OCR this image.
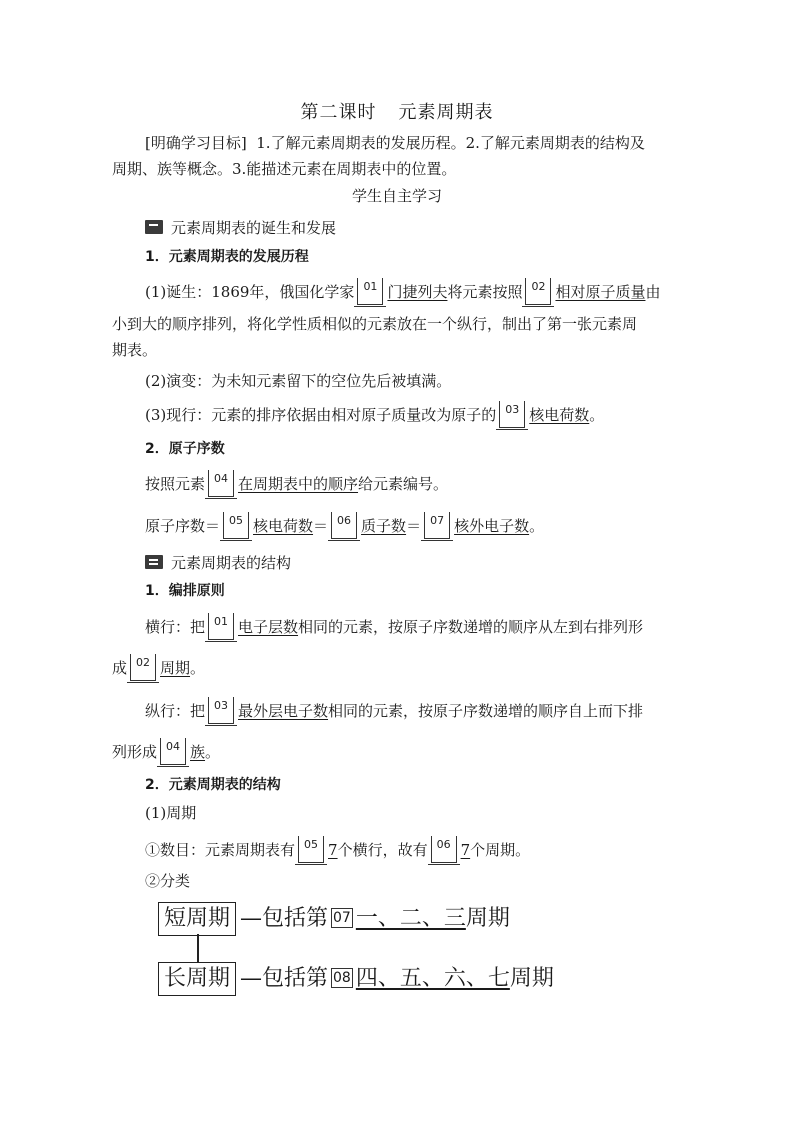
第二课时 元素周期表
[明确学习目标] 1.了解元素周期表的发展历程。2.了解元素周期表的结构及
周期、族等概念。3.能描述元素在周期表中的位置。
学生自主学习
元素周期表的诞生和发展
1．元素周期表的发展历程
(1)诞生：1869年，俄国化学家 01 门捷列夫将元素按照 02 相对原子质量由
小到大的顺序排列，将化学性质相似的元素放在一个纵行，制出了第一张元素周
期表。
(2)演变：为未知元素留下的空位先后被填满。
(3)现行：元素的排序依据由相对原子质量改为原子的 03 核电荷数。
2．原子序数
按照元素 04 在周期表中的顺序给元素编号。
原子序数＝ 05 核电荷数＝ 06 质子数＝ 07 核外电子数。
元素周期表的结构
1．编排原则
横行：把 01 电子层数相同的元素，按原子序数递增的顺序从左到右排列形
成 02 周期。
纵行：把 03 最外层电子数相同的元素，按原子序数递增的顺序自上而下排
列形成 04 族。
2．元素周期表的结构
(1)周期
①数目：元素周期表有 05 7个横行，故有 06 7个周期。
②分类
短周期 —包括第 07 一、二、三周期
长周期 —包括第 08 四、五、六、七周期
